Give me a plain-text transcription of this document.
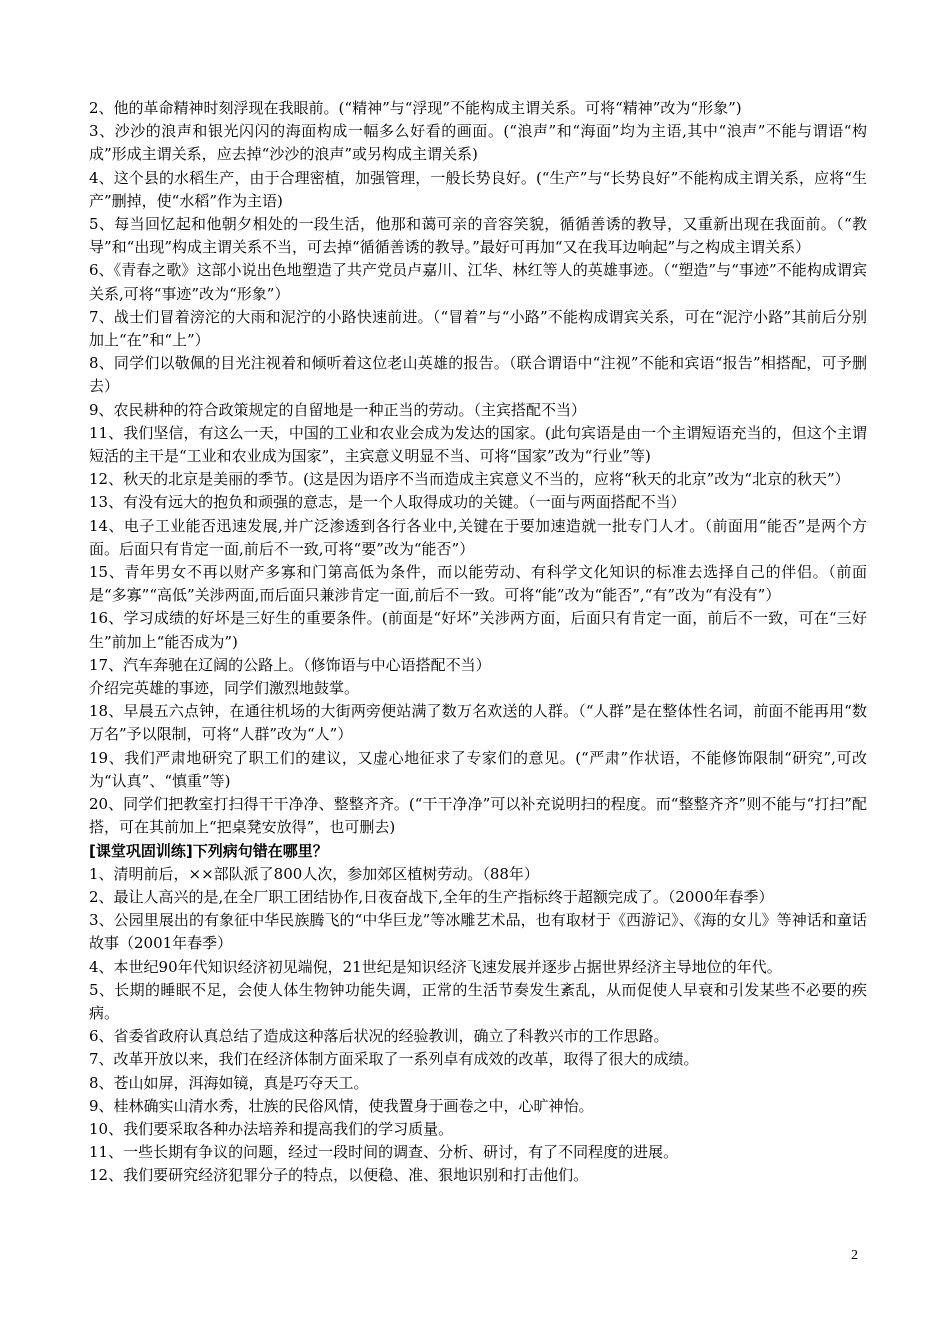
2、他的革命精神时刻浮现在我眼前。(“精神”与“浮现”不能构成主谓关系。可将“精神”改为“形象”)

3、沙沙的浪声和银光闪闪的海面构成一幅多么好看的画面。(“浪声”和“海面”均为主语,其中“浪声”不能与谓语“构成”形成主谓关系，应去掉“沙沙的浪声”或另构成主谓关系)

4、这个县的水稻生产，由于合理密植，加强管理，一般长势良好。(“生产”与“长势良好”不能构成主谓关系，应将“生产”删掉，使“水稻”作为主语)

5、每当回忆起和他朝夕相处的一段生活，他那和蔼可亲的音容笑貌，循循善诱的教导，又重新出现在我面前。（“教导”和“出现”构成主谓关系不当，可去掉“循循善诱的教导。”最好可再加“又在我耳边响起”与之构成主谓关系）

6、《青春之歌》这部小说出色地塑造了共产党员卢嘉川、江华、林红等人的英雄事迹。（“塑造”与“事迹”不能构成谓宾关系,可将“事迹”改为“形象”）

7、战士们冒着滂沱的大雨和泥泞的小路快速前进。（“冒着”与“小路”不能构成谓宾关系，可在“泥泞小路”其前后分别加上“在”和“上”）

8、同学们以敬佩的目光注视着和倾听着这位老山英雄的报告。（联合谓语中“注视”不能和宾语“报告”相搭配，可予删去）

9、农民耕种的符合政策规定的自留地是一种正当的劳动。（主宾搭配不当）

11、我们坚信，有这么一天，中国的工业和农业会成为发达的国家。(此句宾语是由一个主谓短语充当的，但这个主谓短活的主干是“工业和农业成为国家”，主宾意义明显不当、可将“国家”改为“行业”等)

12、秋天的北京是美丽的季节。(这是因为语序不当而造成主宾意义不当的，应将“秋天的北京”改为“北京的秋天”）

13、有没有远大的抱负和顽强的意志，是一个人取得成功的关键。（一面与两面搭配不当）

14、电子工业能否迅速发展,并广泛渗透到各行各业中,关键在于要加速造就一批专门人才。（前面用“能否”是两个方面。后面只有肯定一面,前后不一致,可将“要”改为“能否”）

15、青年男女不再以财产多寡和门第高低为条件，而以能劳动、有科学文化知识的标准去选择自己的伴侣。（前面是“多寡”“高低”关涉两面,而后面只兼涉肯定一面,前后不一致。可将“能”改为“能否”,“有”改为“有没有”）

16、学习成绩的好坏是三好生的重要条件。(前面是“好坏”关涉两方面，后面只有肯定一面，前后不一致，可在“三好生”前加上“能否成为”)

17、汽车奔驰在辽阔的公路上。（修饰语与中心语搭配不当）

介绍完英雄的事迹，同学们激烈地鼓掌。

18、早晨五六点钟，在通往机场的大街两旁便站满了数万名欢送的人群。（“人群”是在整体性名词，前面不能再用“数万名”予以限制，可将“人群”改为“人”）

19、我们严肃地研究了职工们的建议，又虚心地征求了专家们的意见。(“严肃”作状语，不能修饰限制“研究”,可改为“认真”、“慎重”等)

20、同学们把教室打扫得干干净净、整整齐齐。(“干干净净”可以补充说明扫的程度。而“整整齐齐”则不能与“打扫”配搭，可在其前加上“把桌凳安放得”，也可删去)

[课堂巩固训练]下列病句错在哪里？

1、清明前后，××部队派了800人次，参加郊区植树劳动。（88年）

2、最让人高兴的是,在全厂职工团结协作,日夜奋战下,全年的生产指标终于超额完成了。（2000年春季）

3、公园里展出的有象征中华民族腾飞的“中华巨龙”等冰雕艺术品，也有取材于《西游记》、《海的女儿》等神话和童话故事（2001年春季）

4、本世纪90年代知识经济初见端倪，21世纪是知识经济飞速发展并逐步占据世界经济主导地位的年代。

5、长期的睡眠不足，会使人体生物钟功能失调，正常的生活节奏发生紊乱，从而促使人早衰和引发某些不必要的疾病。

6、省委省政府认真总结了造成这种落后状况的经验教训，确立了科教兴市的工作思路。

7、改革开放以来，我们在经济体制方面采取了一系列卓有成效的改革，取得了很大的成绩。

8、苍山如屏，洱海如镜，真是巧夺天工。

9、桂林确实山清水秀，壮族的民俗风情，使我置身于画卷之中，心旷神怡。

10、我们要采取各种办法培养和提高我们的学习质量。

11、一些长期有争议的问题，经过一段时间的调查、分析、研讨，有了不同程度的进展。

12、我们要研究经济犯罪分子的特点，以便稳、准、狠地识别和打击他们。

2
